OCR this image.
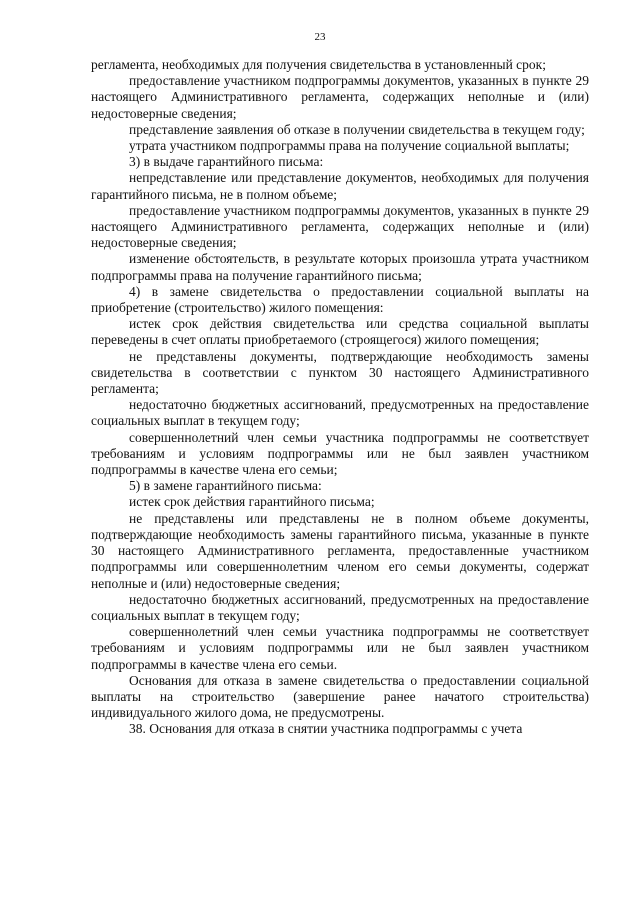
23

регламента, необходимых для получения свидетельства в установленный срок;

предоставление участником подпрограммы документов, указанных в пункте 29 настоящего Административного регламента, содержащих неполные и (или) недостоверные сведения;

представление заявления об отказе в получении свидетельства в текущем году;

утрата участником подпрограммы права на получение социальной выплаты;

3) в выдаче гарантийного письма:

непредставление или представление документов, необходимых для получения гарантийного письма, не в полном объеме;

предоставление участником подпрограммы документов, указанных в пункте 29 настоящего Административного регламента, содержащих неполные и (или) недостоверные сведения;

изменение обстоятельств, в результате которых произошла утрата участником подпрограммы права на получение гарантийного письма;

4) в замене свидетельства о предоставлении социальной выплаты на приобретение (строительство) жилого помещения:

истек срок действия свидетельства или средства социальной выплаты переведены в счет оплаты приобретаемого (строящегося) жилого помещения;

не представлены документы, подтверждающие необходимость замены свидетельства в соответствии с пунктом 30 настоящего Административного регламента;

недостаточно бюджетных ассигнований, предусмотренных на предоставление социальных выплат в текущем году;

совершеннолетний член семьи участника подпрограммы не соответствует требованиям и условиям подпрограммы или не был заявлен участником подпрограммы в качестве члена его семьи;

5) в замене гарантийного письма:

истек срок действия гарантийного письма;

не представлены или представлены не в полном объеме документы, подтверждающие необходимость замены гарантийного письма, указанные в пункте 30 настоящего Административного регламента, предоставленные участником подпрограммы или совершеннолетним членом его семьи документы, содержат неполные и (или) недостоверные сведения;

недостаточно бюджетных ассигнований, предусмотренных на предоставление социальных выплат в текущем году;

совершеннолетний член семьи участника подпрограммы не соответствует требованиям и условиям подпрограммы или не был заявлен участником подпрограммы в качестве члена его семьи.

Основания для отказа в замене свидетельства о предоставлении социальной выплаты на строительство (завершение ранее начатого строительства) индивидуального жилого дома, не предусмотрены.

38. Основания для отказа в снятии участника подпрограммы с учета
